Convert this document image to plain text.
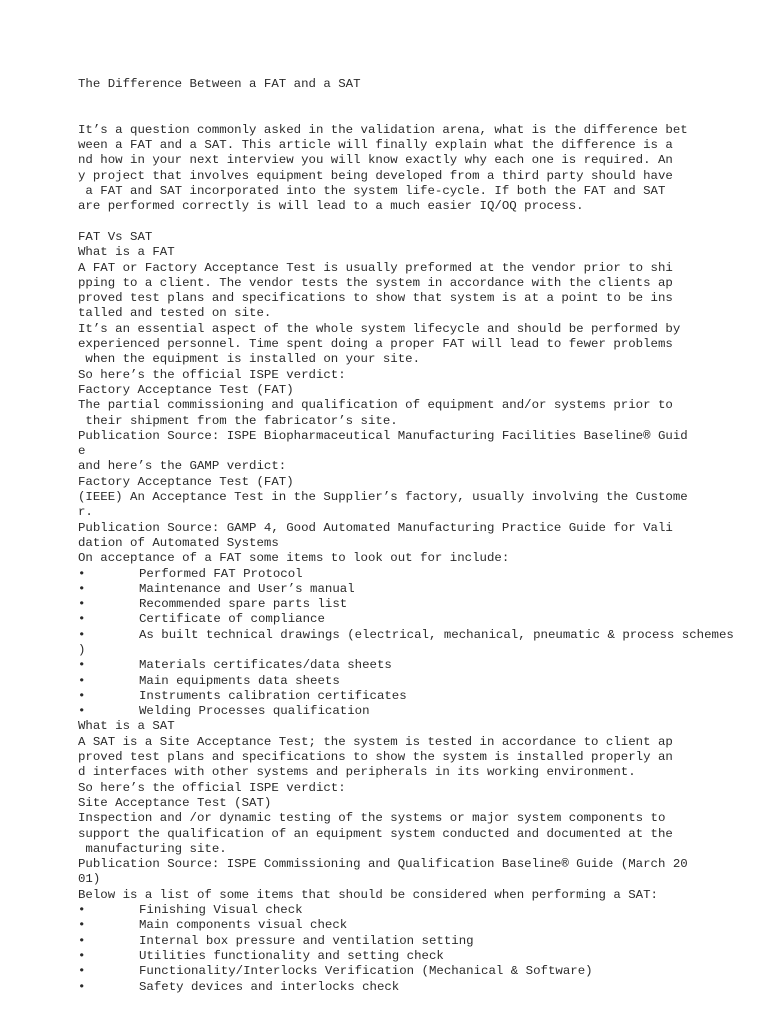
The Difference Between a FAT and a SAT
It’s a question commonly asked in the validation arena, what is the difference bet
ween a FAT and a SAT. This article will finally explain what the difference is a
nd how in your next interview you will know exactly why each one is required. An
y project that involves equipment being developed from a third party should have
a FAT and SAT incorporated into the system life-cycle. If both the FAT and SAT
are performed correctly is will lead to a much easier IQ/OQ process.
FAT Vs SAT
What is a FAT
A FAT or Factory Acceptance Test is usually preformed at the vendor prior to shi
pping to a client. The vendor tests the system in accordance with the clients ap
proved test plans and specifications to show that system is at a point to be ins
talled and tested on site.
It’s an essential aspect of the whole system lifecycle and should be performed by
experienced personnel. Time spent doing a proper FAT will lead to fewer problems
when the equipment is installed on your site.
So here’s the official ISPE verdict:
Factory Acceptance Test (FAT)
The partial commissioning and qualification of equipment and/or systems prior to
their shipment from the fabricator’s site.
Publication Source: ISPE Biopharmaceutical Manufacturing Facilities Baseline® Guid
e
and here’s the GAMP verdict:
Factory Acceptance Test (FAT)
(IEEE) An Acceptance Test in the Supplier’s factory, usually involving the Custome
r.
Publication Source: GAMP 4, Good Automated Manufacturing Practice Guide for Vali
dation of Automated Systems
On acceptance of a FAT some items to look out for include:
•	Performed FAT Protocol
•	Maintenance and User’s manual
•	Recommended spare parts list
•	Certificate of compliance
•	As built technical drawings (electrical, mechanical, pneumatic & process schemes
)
•	Materials certificates/data sheets
•	Main equipments data sheets
•	Instruments calibration certificates
•	Welding Processes qualification
What is a SAT
A SAT is a Site Acceptance Test; the system is tested in accordance to client ap
proved test plans and specifications to show the system is installed properly an
d interfaces with other systems and peripherals in its working environment.
So here’s the official ISPE verdict:
Site Acceptance Test (SAT)
Inspection and /or dynamic testing of the systems or major system components to
support the qualification of an equipment system conducted and documented at the
manufacturing site.
Publication Source: ISPE Commissioning and Qualification Baseline® Guide (March 20
01)
Below is a list of some items that should be considered when performing a SAT:
•	Finishing Visual check
•	Main components visual check
•	Internal box pressure and ventilation setting
•	Utilities functionality and setting check
•	Functionality/Interlocks Verification (Mechanical & Software)
•	Safety devices and interlocks check
